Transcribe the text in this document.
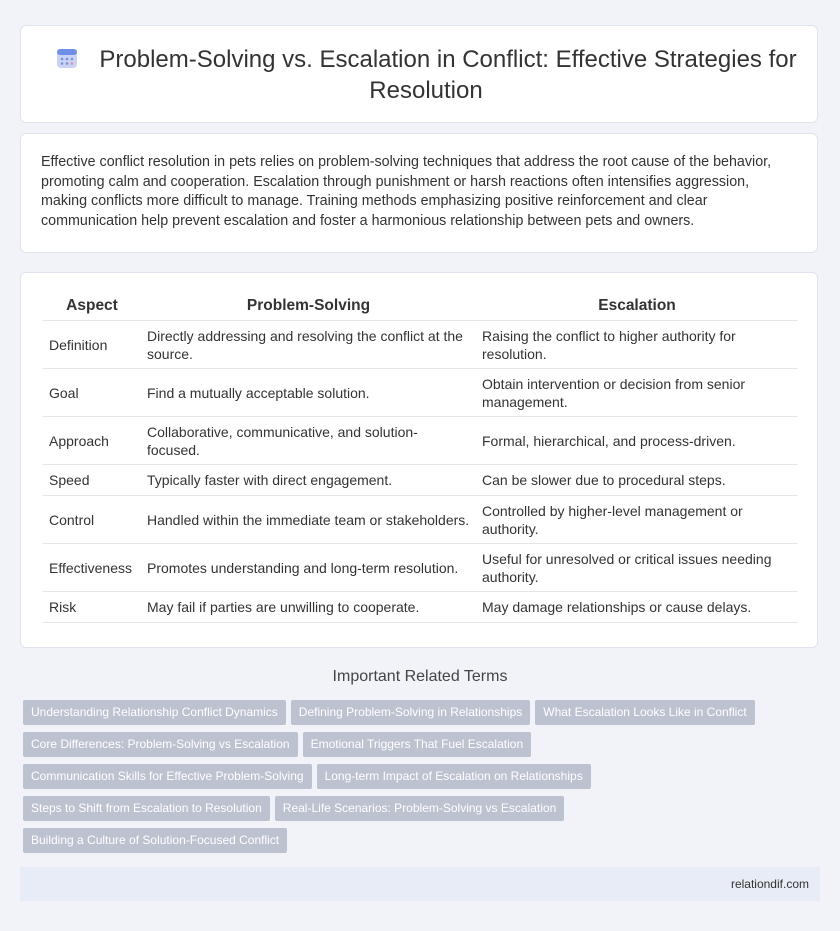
Problem-Solving vs. Escalation in Conflict: Effective Strategies for Resolution
Effective conflict resolution in pets relies on problem-solving techniques that address the root cause of the behavior, promoting calm and cooperation. Escalation through punishment or harsh reactions often intensifies aggression, making conflicts more difficult to manage. Training methods emphasizing positive reinforcement and clear communication help prevent escalation and foster a harmonious relationship between pets and owners.
Aspect	Problem-Solving	Escalation
Definition	Directly addressing and resolving the conflict at the source.	Raising the conflict to higher authority for resolution.
Goal	Find a mutually acceptable solution.	Obtain intervention or decision from senior management.
Approach	Collaborative, communicative, and solution-focused.	Formal, hierarchical, and process-driven.
Speed	Typically faster with direct engagement.	Can be slower due to procedural steps.
Control	Handled within the immediate team or stakeholders.	Controlled by higher-level management or authority.
Effectiveness	Promotes understanding and long-term resolution.	Useful for unresolved or critical issues needing authority.
Risk	May fail if parties are unwilling to cooperate.	May damage relationships or cause delays.
Important Related Terms
Understanding Relationship Conflict Dynamics Defining Problem-Solving in Relationships What Escalation Looks Like in Conflict
Core Differences: Problem-Solving vs Escalation Emotional Triggers That Fuel Escalation
Communication Skills for Effective Problem-Solving Long-term Impact of Escalation on Relationships
Steps to Shift from Escalation to Resolution Real-Life Scenarios: Problem-Solving vs Escalation
Building a Culture of Solution-Focused Conflict
relationdif.com
